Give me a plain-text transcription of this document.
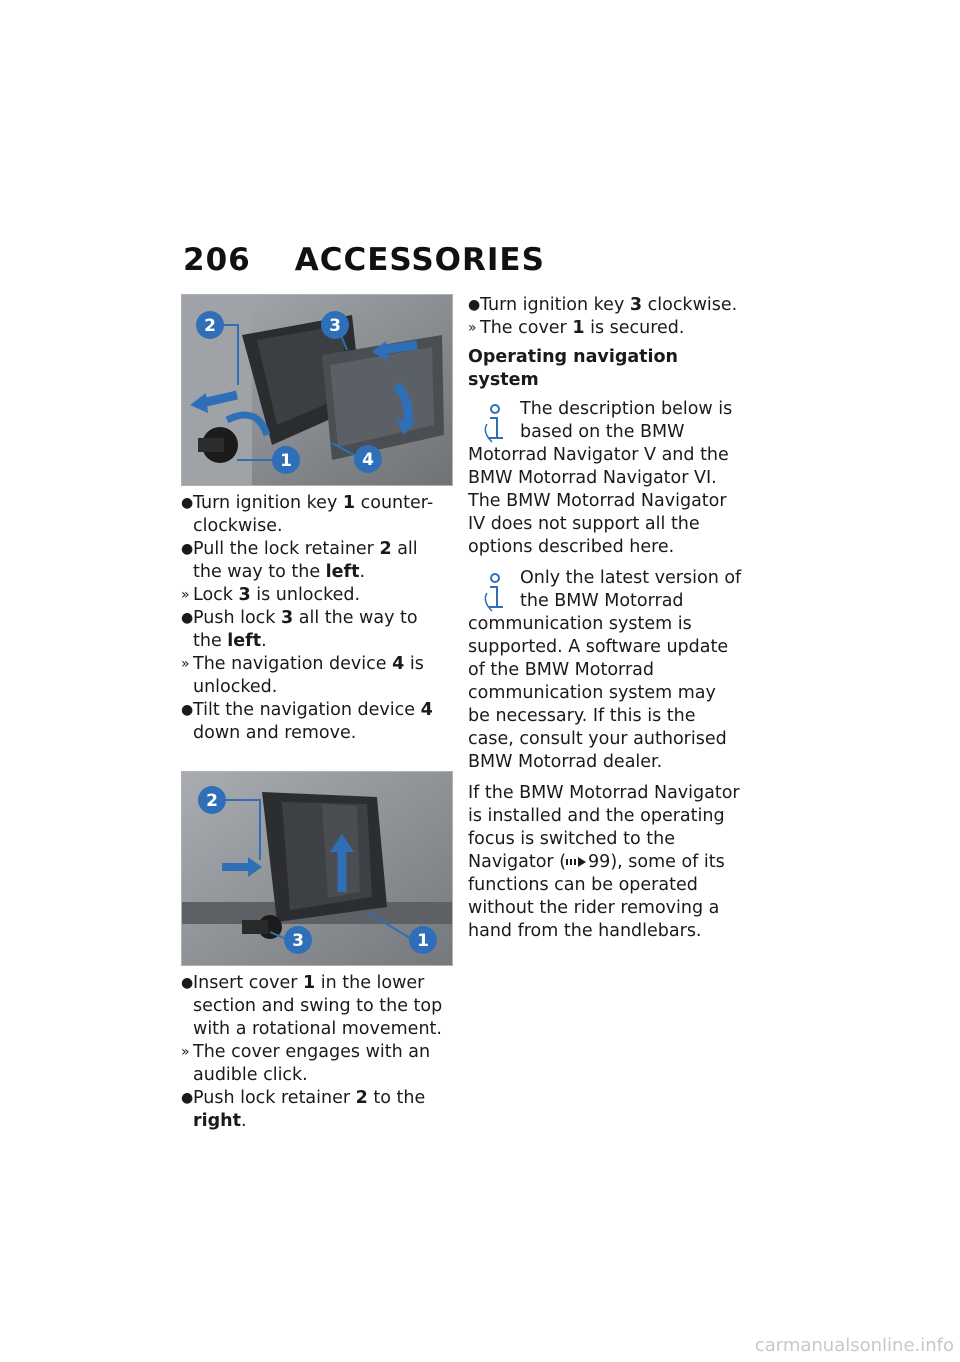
206 ACCESSORIES
2	3
1	4
● Turn ignition key 1 counter-clockwise.
● Pull the lock retainer 2 all the way to the left.
» Lock 3 is unlocked.
● Push lock 3 all the way to the left.
» The navigation device 4 is unlocked.
● Tilt the navigation device 4 down and remove.
2
3	1
● Insert cover 1 in the lower section and swing to the top with a rotational movement.
» The cover engages with an audible click.
● Push lock retainer 2 to the right.
● Turn ignition key 3 clockwise.
» The cover 1 is secured.
Operating navigation system
The description below is based on the BMW Motorrad Navigator V and the BMW Motorrad Navigator VI. The BMW Motorrad Navigator IV does not support all the options described here.
Only the latest version of the BMW Motorrad communication system is supported. A software update of the BMW Motorrad communication system may be necessary. If this is the case, consult your authorised BMW Motorrad dealer.

If the BMW Motorrad Navigator is installed and the operating focus is switched to the Navigator ( 99), some of its functions can be operated without the rider removing a hand from the handlebars.

carmanualsonline.info
